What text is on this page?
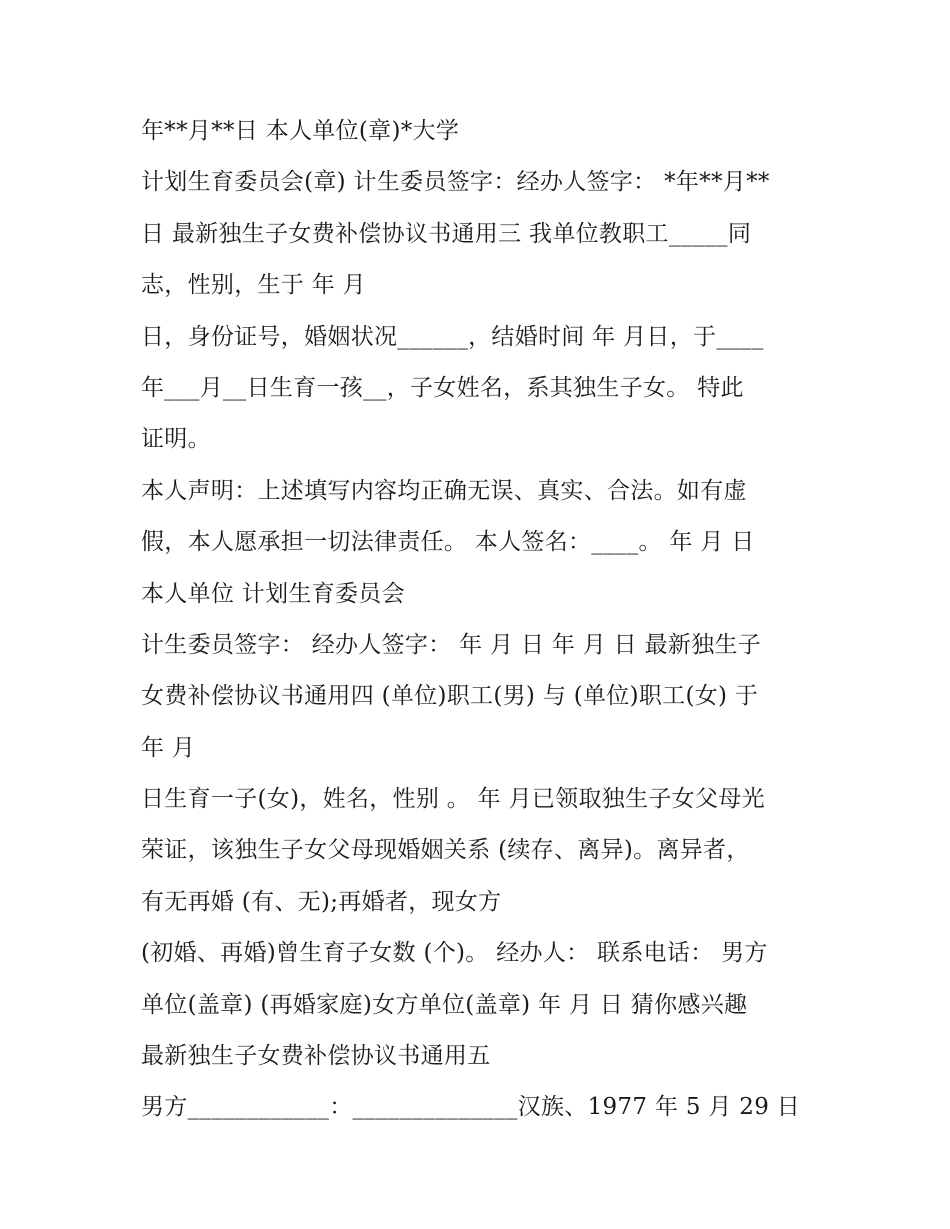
年**月**日 本人单位(章)*大学
计划生育委员会(章) 计生委员签字：经办人签字： *年**月**
日 最新独生子女费补偿协议书通用三 我单位教职工_____同
志，性别，生于 年 月
日，身份证号，婚姻状况______，结婚时间 年 月日，于____
年___月__日生育一孩__，子女姓名，系其独生子女。 特此
证明。
本人声明：上述填写内容均正确无误、真实、合法。如有虚
假，本人愿承担一切法律责任。 本人签名：____。 年 月 日
本人单位 计划生育委员会
计生委员签字： 经办人签字： 年 月 日 年 月 日 最新独生子
女费补偿协议书通用四 (单位)职工(男) 与 (单位)职工(女) 于
年 月
日生育一子(女)，姓名，性别 。 年 月已领取独生子女父母光
荣证，该独生子女父母现婚姻关系 (续存、离异)。离异者，
有无再婚 (有、无);再婚者，现女方
(初婚、再婚)曾生育子女数 (个)。 经办人： 联系电话： 男方
单位(盖章) (再婚家庭)女方单位(盖章) 年 月 日 猜你感兴趣
最新独生子女费补偿协议书通用五
男方____________：______________汉族、1977 年 5 月 29 日
